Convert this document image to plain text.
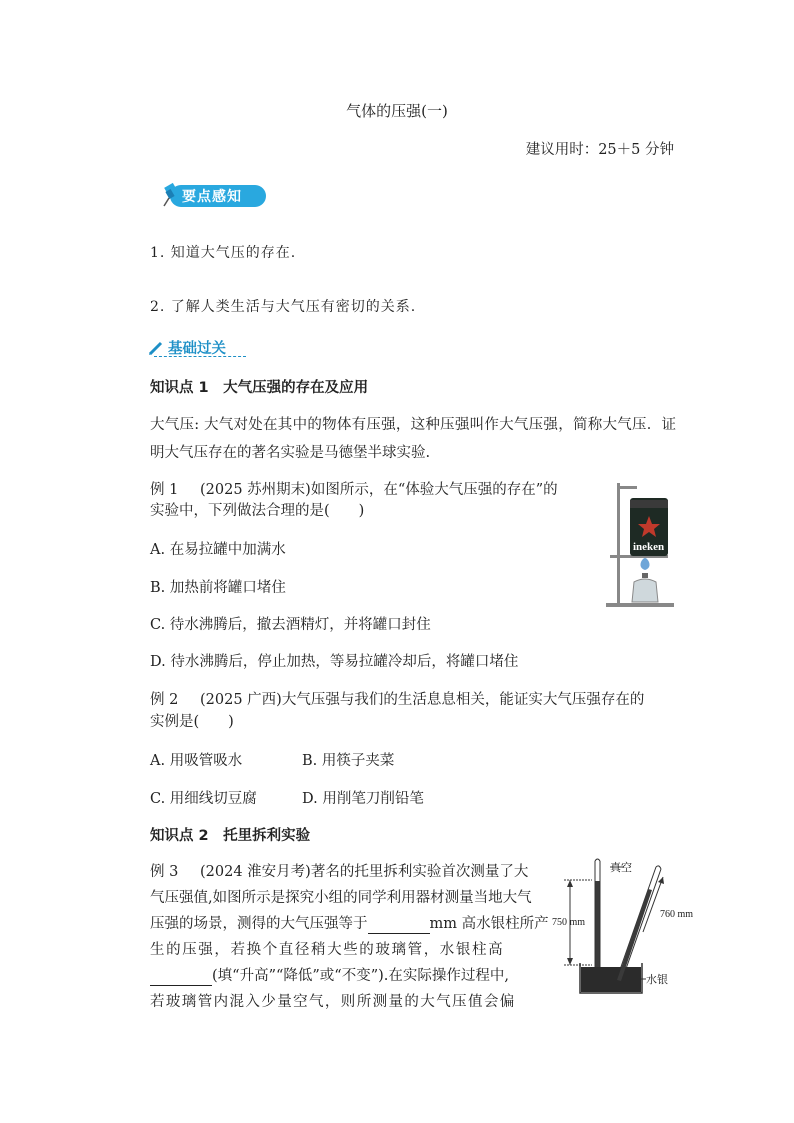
气体的压强(一)
建议用时：25＋5 分钟
要点感知
1. 知道大气压的存在.
2. 了解人类生活与大气压有密切的关系.
基础过关
知识点 1　大气压强的存在及应用
大气压: 大气对处在其中的物体有压强，这种压强叫作大气压强，简称大气压．证明大气压存在的著名实验是马德堡半球实验.
例 1 (2025 苏州期末)如图所示，在“体验大气压强的存在”的
实验中，下列做法合理的是(　　)
A. 在易拉罐中加满水
B. 加热前将罐口堵住
C. 待水沸腾后，撤去酒精灯，并将罐口封住
D. 待水沸腾后，停止加热，等易拉罐冷却后，将罐口堵住
ineken
例 2 (2025 广西)大气压强与我们的生活息息相关，能证实大气压强存在的
实例是(　　)
A. 用吸管吸水	B. 用筷子夹菜
C. 用细线切豆腐	D. 用削笔刀削铅笔
知识点 2　托里拆利实验
例 3 (2024 淮安月考)著名的托里拆利实验首次测量了大
气压强值,如图所示是探究小组的同学利用器材测量当地大气
压强的场景，测得的大气压强等于	mm 高水银柱所产
生的压强，若换个直径稍大些的玻璃管，水银柱高
(填“升高”“降低”或“不变”).在实际操作过程中,
若玻璃管内混入少量空气，则所测量的大气压值会偏
真空
750 mm
760 mm
水银
